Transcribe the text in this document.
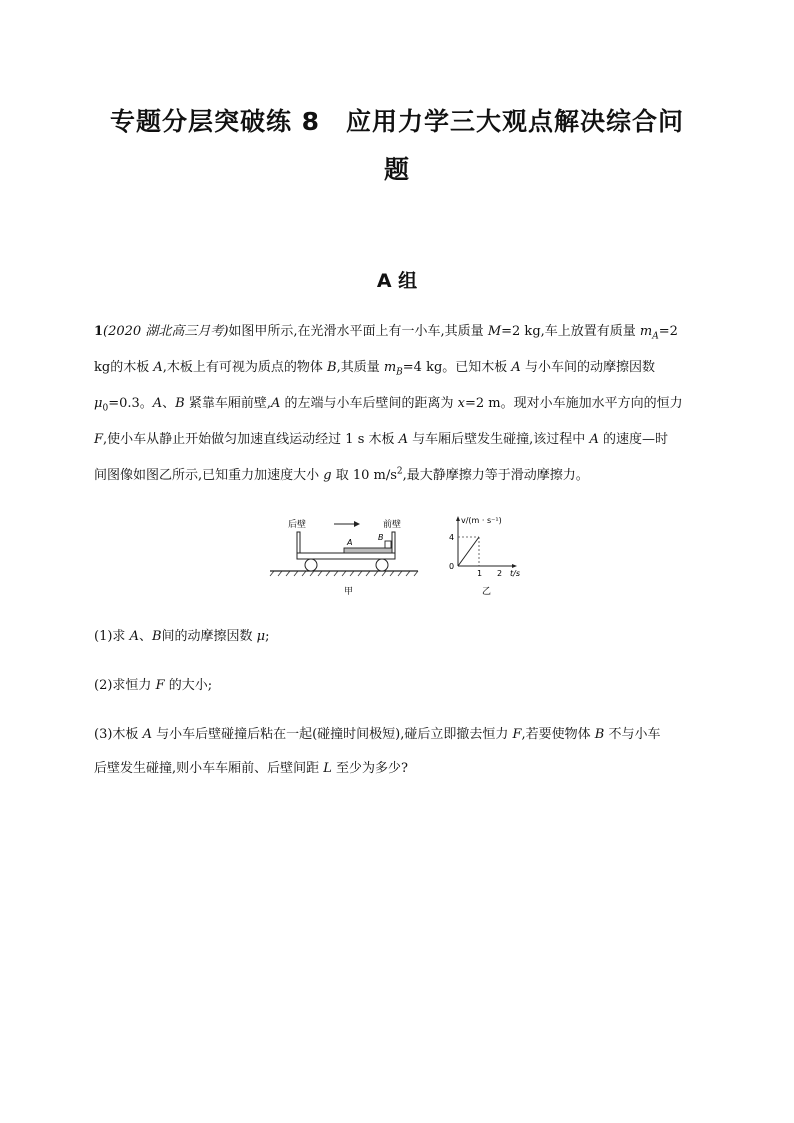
专题分层突破练 8　应用力学三大观点解决综合问
题
A 组
1(2020 湖北高三月考)如图甲所示,在光滑水平面上有一小车,其质量 M=2 kg,车上放置有质量 $m_A=2$
kg的木板 A,木板上有可视为质点的物体 B,其质量 $m_B=4$ kg。已知木板 A 与小车间的动摩擦因数
$\mu_0=0.3$。A、B 紧靠车厢前壁,A 的左端与小车后壁间的距离为 x=2 m。现对小车施加水平方向的恒力
F,使小车从静止开始做匀加速直线运动经过 1 s 木板 A 与车厢后壁发生碰撞,该过程中 A 的速度—时
间图像如图乙所示,已知重力加速度大小 g 取 10 $m/s^2$,最大静摩擦力等于滑动摩擦力。
后壁	前壁
A
B
甲
v/(m · s⁻¹)
4
0
1 2 t/s
乙
(1)求 A、B间的动摩擦因数 μ;
(2)求恒力 F 的大小;
(3)木板 A 与小车后壁碰撞后粘在一起(碰撞时间极短),碰后立即撤去恒力 F,若要使物体 B 不与小车
后壁发生碰撞,则小车车厢前、后壁间距 L 至少为多少?
